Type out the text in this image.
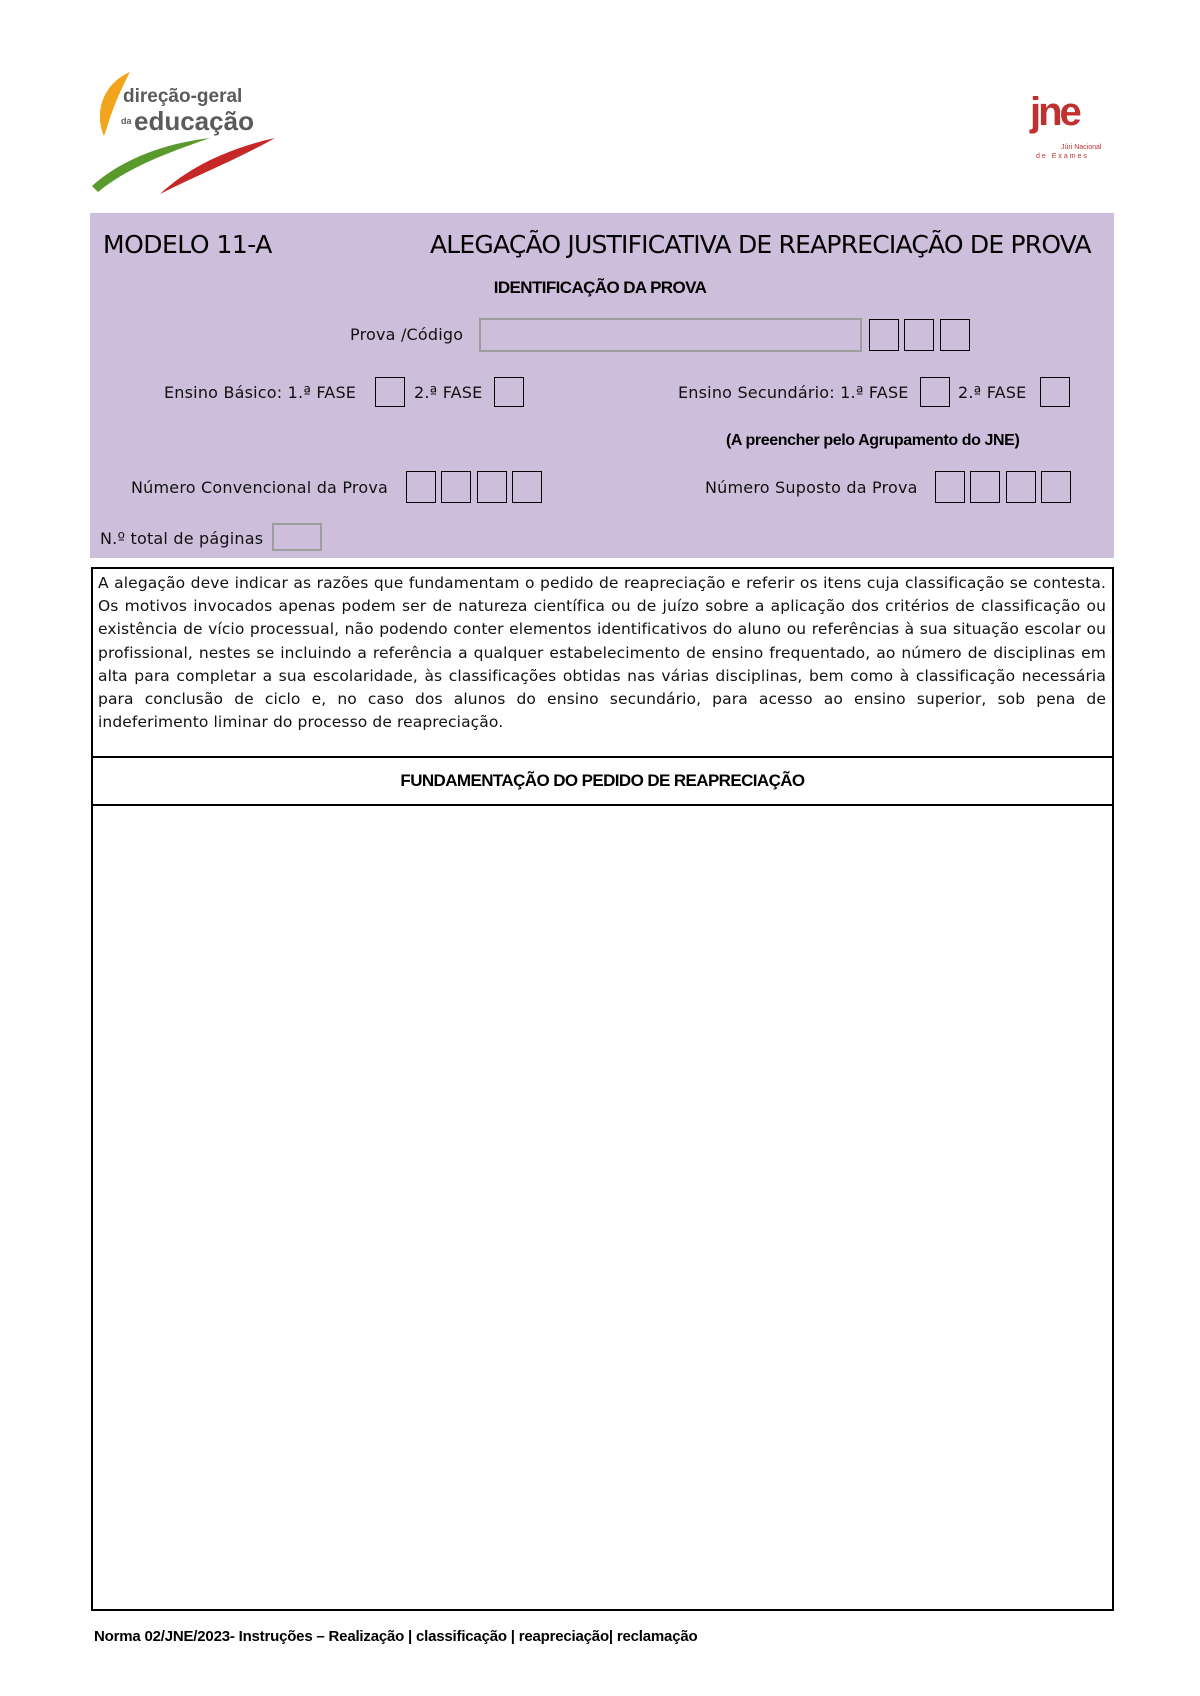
direção-geral
da educação	jne
Júri Nacional
de Exames
MODELO 11-A	ALEGAÇÃO JUSTIFICATIVA DE REAPRECIAÇÃO DE PROVA
IDENTIFICAÇÃO DA PROVA
Prova /Código
Ensino Básico: 1.ª FASE	2.ª FASE	Ensino Secundário: 1.ª FASE	2.ª FASE
(A preencher pelo Agrupamento do JNE)
Número Convencional da Prova	Número Suposto da Prova
N.º total de páginas
A alegação deve indicar as razões que fundamentam o pedido de reapreciação e referir os itens cuja classificação se contesta. Os motivos invocados apenas podem ser de natureza científica ou de juízo sobre a aplicação dos critérios de classificação ou existência de vício processual, não podendo conter elementos identificativos do aluno ou referências à sua situação escolar ou profissional, nestes se incluindo a referência a qualquer estabelecimento de ensino frequentado, ao número de disciplinas em alta para completar a sua escolaridade, às classificações obtidas nas várias disciplinas, bem como à classificação necessária para conclusão de ciclo e, no caso dos alunos do ensino secundário, para acesso ao ensino superior, sob pena de indeferimento liminar do processo de reapreciação.
FUNDAMENTAÇÃO DO PEDIDO DE REAPRECIAÇÃO
Norma 02/JNE/2023- Instruções – Realização | classificação | reapreciação| reclamação
